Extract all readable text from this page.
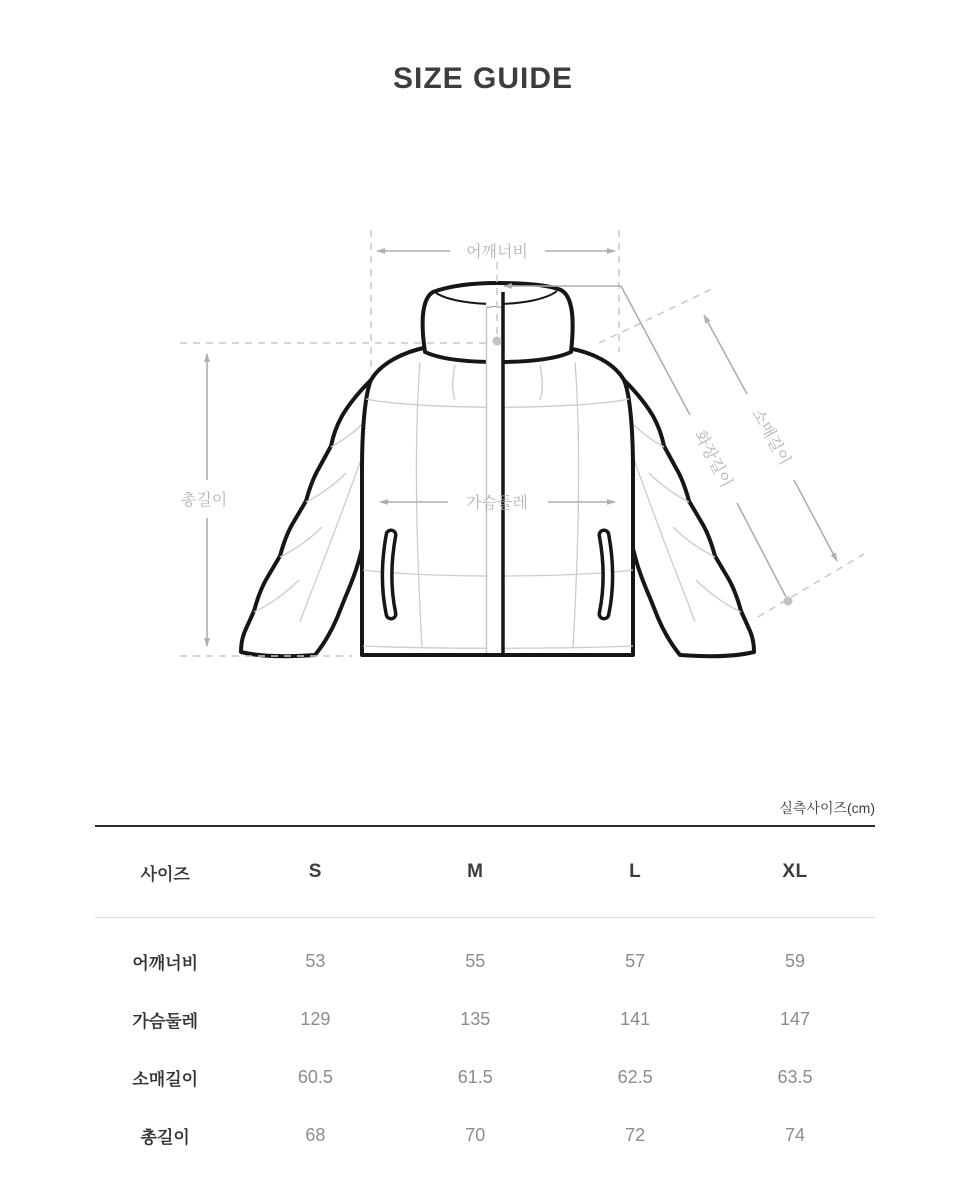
SIZE GUIDE
어깨너비
총길이	가슴둘레
화장길이 소매길이
실측사이즈(cm)
사이즈	S	M	L	XL
어깨너비	53	55	57	59
가슴둘레	129	135	141	147
소매길이	60.5	61.5	62.5	63.5
총길이	68	70	72	74
